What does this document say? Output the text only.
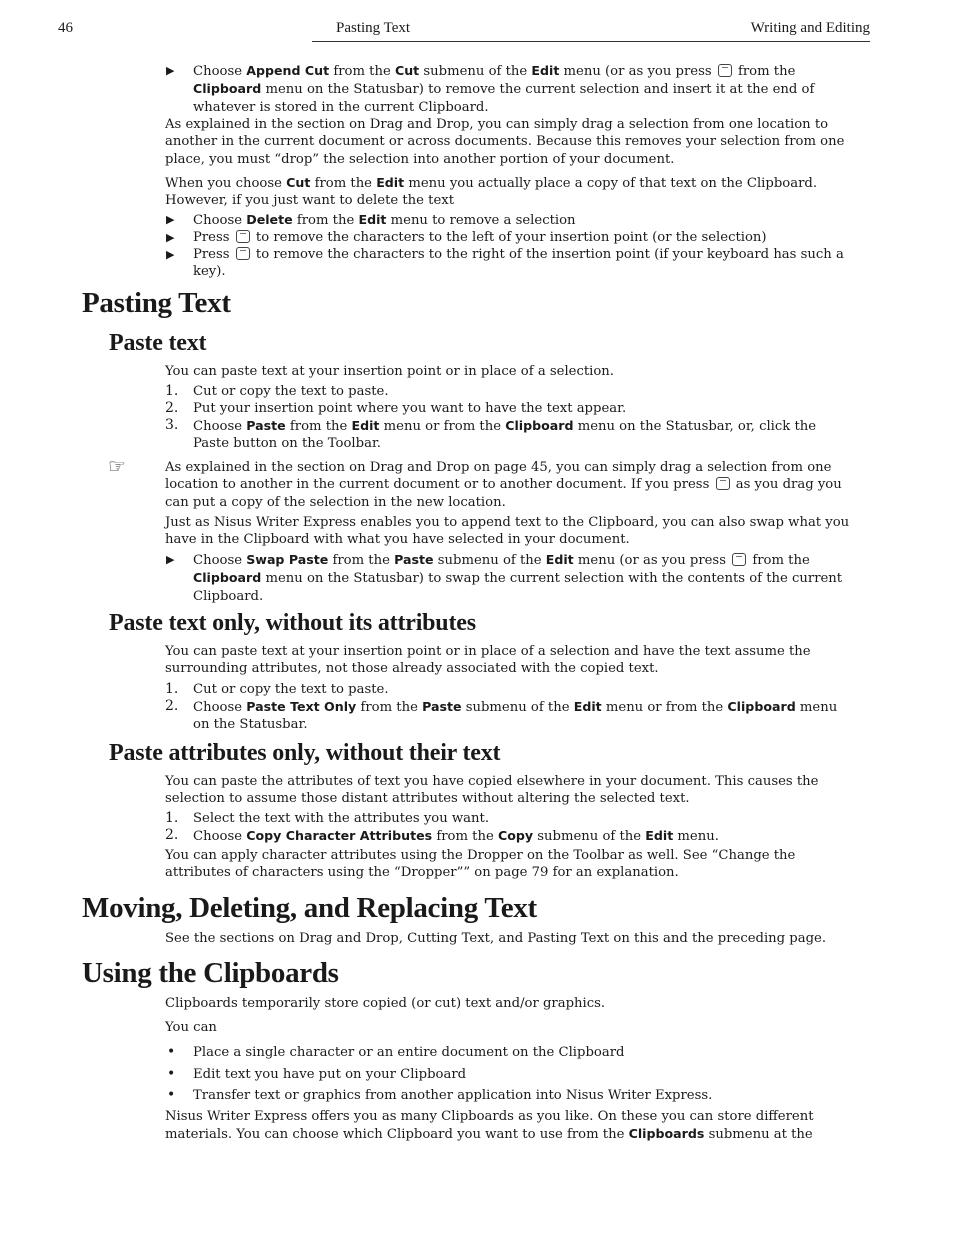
46	Pasting Text	Writing and Editing
▶	Choose Append Cut from the Cut submenu of the Edit menu (or as you press  from the Clipboard menu on the Statusbar) to remove the current selection and insert it at the end of whatever is stored in the current Clipboard.

As explained in the section on Drag and Drop, you can simply drag a selection from one location to another in the current document or across documents. Because this removes your selection from one place, you must “drop” the selection into another portion of your document.

When you choose Cut from the Edit menu you actually place a copy of that text on the Clipboard. However, if you just want to delete the text

▶	Choose Delete from the Edit menu to remove a selection
▶	Press  to remove the characters to the left of your insertion point (or the selection)
▶	Press  to remove the characters to the right of the insertion point (if your keyboard has such a key).
Pasting Text
Paste text

You can paste text at your insertion point or in place of a selection.

1.	Cut or copy the text to paste.
2.	Put your insertion point where you want to have the text appear.
3.	Choose Paste from the Edit menu or from the Clipboard menu on the Statusbar, or, click the Paste button on the Toolbar.
☞	As explained in the section on Drag and Drop on page 45, you can simply drag a selection from one location to another in the current document or to another document. If you press  as you drag you can put a copy of the selection in the new location.

Just as Nisus Writer Express enables you to append text to the Clipboard, you can also swap what you have in the Clipboard with what you have selected in your document.

▶	Choose Swap Paste from the Paste submenu of the Edit menu (or as you press  from the Clipboard menu on the Statusbar) to swap the current selection with the contents of the current Clipboard.
Paste text only, without its attributes

You can paste text at your insertion point or in place of a selection and have the text assume the surrounding attributes, not those already associated with the copied text.

1.	Cut or copy the text to paste.
2.	Choose Paste Text Only from the Paste submenu of the Edit menu or from the Clipboard menu on the Statusbar.
Paste attributes only, without their text

You can paste the attributes of text you have copied elsewhere in your document. This causes the selection to assume those distant attributes without altering the selected text.

1.	Select the text with the attributes you want.
2.	Choose Copy Character Attributes from the Copy submenu of the Edit menu.

You can apply character attributes using the Dropper on the Toolbar as well. See “Change the attributes of characters using the “Dropper”” on page 79 for an explanation.

Moving, Deleting, and Replacing Text

See the sections on Drag and Drop, Cutting Text, and Pasting Text on this and the preceding page.

Using the Clipboards

Clipboards temporarily store copied (or cut) text and/or graphics.

You can

•	Place a single character or an entire document on the Clipboard
•	Edit text you have put on your Clipboard
•	Transfer text or graphics from another application into Nisus Writer Express.

Nisus Writer Express offers you as many Clipboards as you like. On these you can store different materials. You can choose which Clipboard you want to use from the Clipboards submenu at the
